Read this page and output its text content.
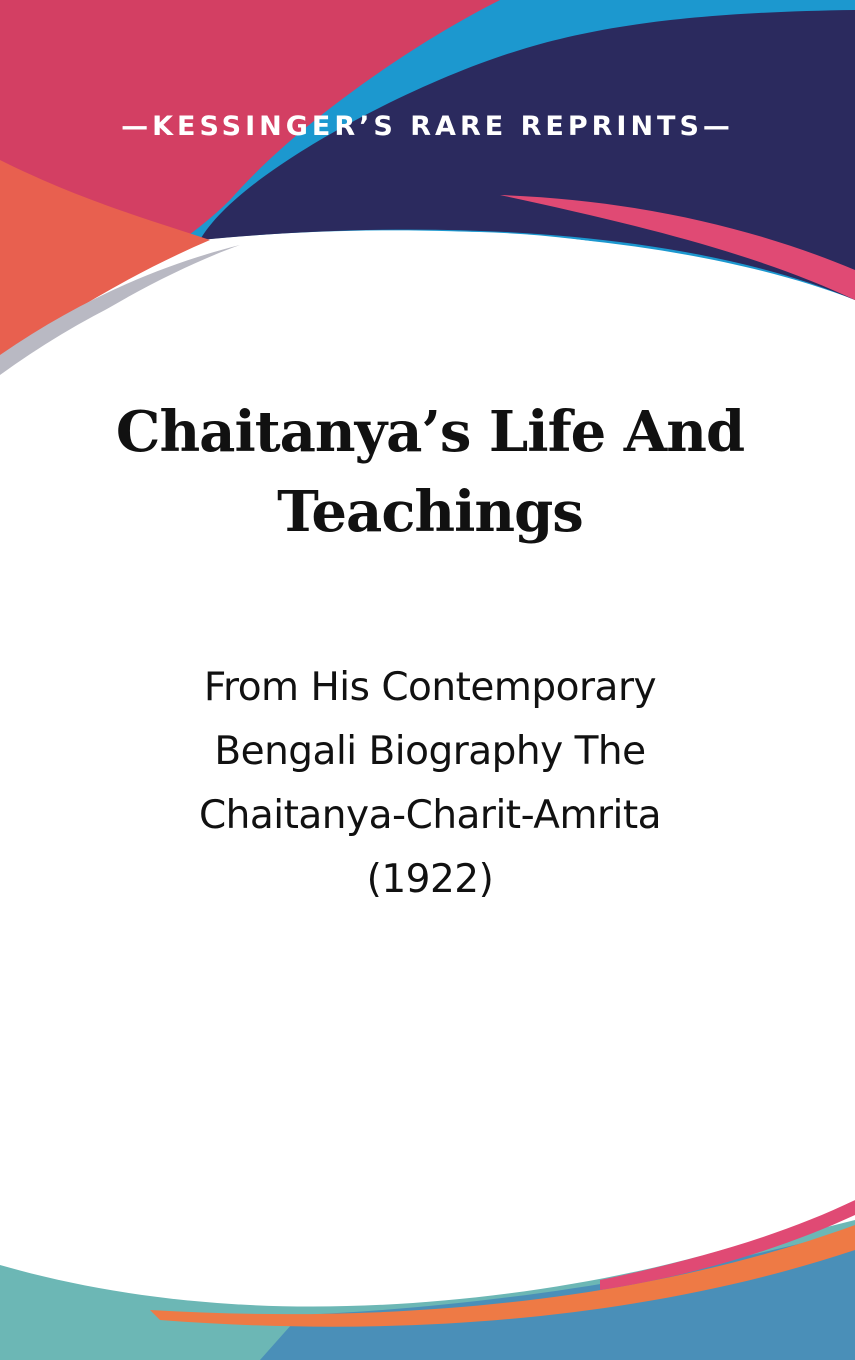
—KESSINGER’S RARE REPRINTS—
Chaitanya’s Life And
Teachings
From His Contemporary
Bengali Biography The
Chaitanya-Charit-Amrita
(1922)
